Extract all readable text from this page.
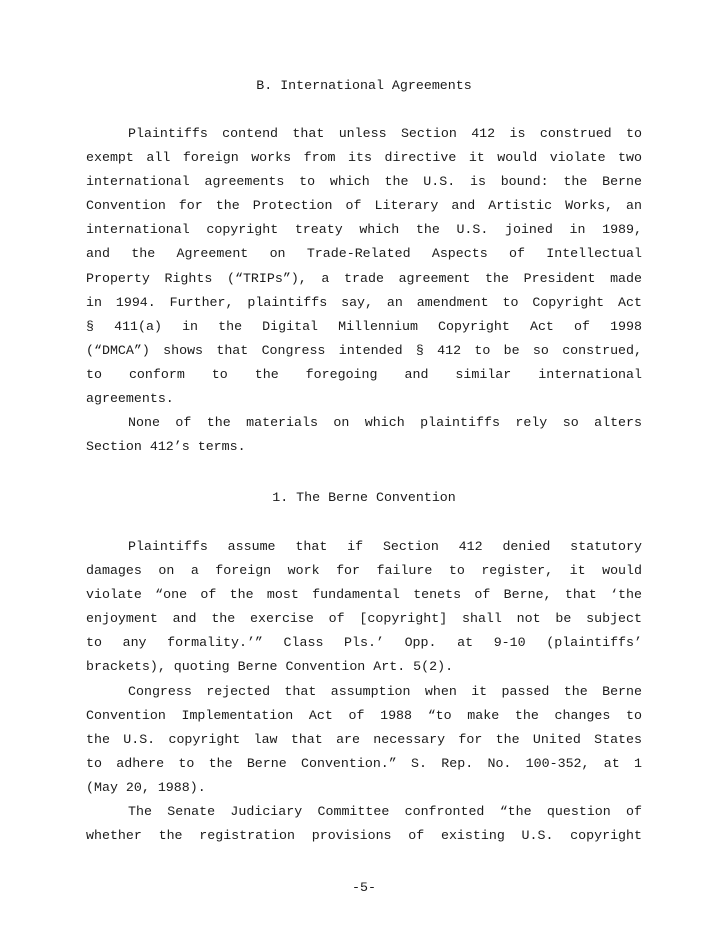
B. International Agreements
Plaintiffs contend that unless Section 412 is construed to
exempt all foreign works from its directive it would violate two
international agreements to which the U.S. is bound: the Berne
Convention for the Protection of Literary and Artistic Works, an
international copyright treaty which the U.S. joined in 1989,
and the Agreement on Trade-Related Aspects of Intellectual
Property Rights (“TRIPs”), a trade agreement the President made
in 1994. Further, plaintiffs say, an amendment to Copyright Act
§ 411(a) in the Digital Millennium Copyright Act of 1998
(“DMCA”) shows that Congress intended § 412 to be so construed,
to conform to the foregoing and similar international
agreements.
None of the materials on which plaintiffs rely so alters
Section 412’s terms.
1. The Berne Convention
Plaintiffs assume that if Section 412 denied statutory
damages on a foreign work for failure to register, it would
violate “one of the most fundamental tenets of Berne, that ‘the
enjoyment and the exercise of [copyright] shall not be subject
to any formality.’” Class Pls.’ Opp. at 9-10 (plaintiffs’
brackets), quoting Berne Convention Art. 5(2).
Congress rejected that assumption when it passed the Berne
Convention Implementation Act of 1988 “to make the changes to
the U.S. copyright law that are necessary for the United States
to adhere to the Berne Convention.” S. Rep. No. 100-352, at 1
(May 20, 1988).
The Senate Judiciary Committee confronted “the question of
whether the registration provisions of existing U.S. copyright
-5-
